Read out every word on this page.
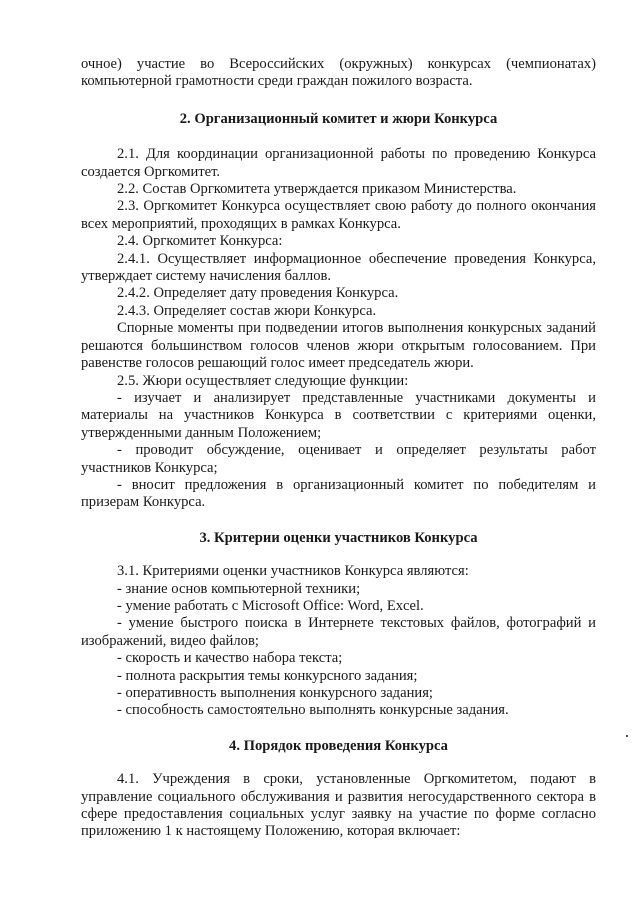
очное) участие во Всероссийских (окружных) конкурсах (чемпионатах) компьютерной грамотности среди граждан пожилого возраста.

2. Организационный комитет и жюри Конкурса

2.1. Для координации организационной работы по проведению Конкурса создается Оргкомитет.

2.2. Состав Оргкомитета утверждается приказом Министерства.

2.3. Оргкомитет Конкурса осуществляет свою работу до полного окончания всех мероприятий, проходящих в рамках Конкурса.

2.4. Оргкомитет Конкурса:

2.4.1. Осуществляет информационное обеспечение проведения Конкурса, утверждает систему начисления баллов.

2.4.2. Определяет дату проведения Конкурса.

2.4.3. Определяет состав жюри Конкурса.

Спорные моменты при подведении итогов выполнения конкурсных заданий решаются большинством голосов членов жюри открытым голосованием. При равенстве голосов решающий голос имеет председатель жюри.

2.5. Жюри осуществляет следующие функции:

- изучает и анализирует представленные участниками документы и материалы на участников Конкурса в соответствии с критериями оценки, утвержденными данным Положением;

- проводит обсуждение, оценивает и определяет результаты работ участников Конкурса;

- вносит предложения в организационный комитет по победителям и призерам Конкурса.

3. Критерии оценки участников Конкурса

3.1. Критериями оценки участников Конкурса являются:

- знание основ компьютерной техники;

- умение работать с Microsoft Office: Word, Excel.

- умение быстрого поиска в Интернете текстовых файлов, фотографий и изображений, видео файлов;

- скорость и качество набора текста;

- полнота раскрытия темы конкурсного задания;

- оперативность выполнения конкурсного задания;

- способность самостоятельно выполнять конкурсные задания.

4. Порядок проведения Конкурса

4.1. Учреждения в сроки, установленные Оргкомитетом, подают в управление социального обслуживания и развития негосударственного сектора в сфере предоставления социальных услуг заявку на участие по форме согласно приложению 1 к настоящему Положению, которая включает:
